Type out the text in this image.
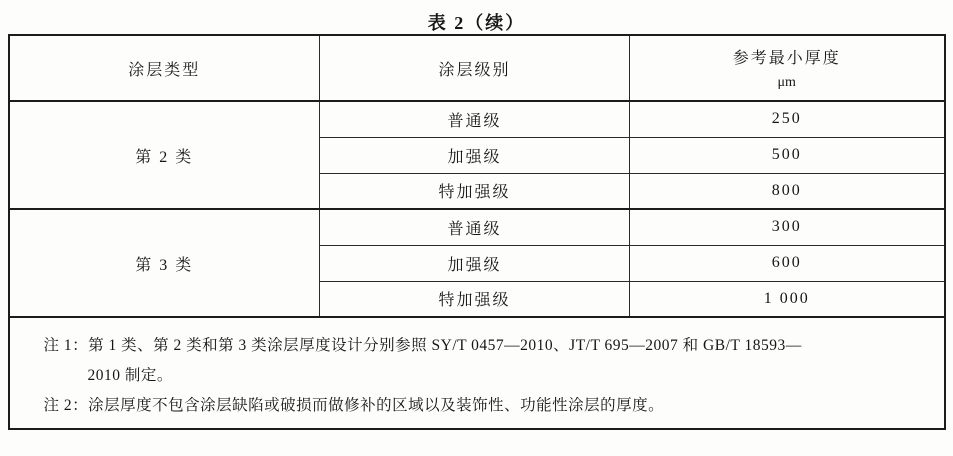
表 2（续）
涂层类型	涂层级别	参考最小厚度
μm

第 2 类	普通级	250
	加强级	500
	特加强级	800
第 3 类	普通级	300
	加强级	600
	特加强级	1 000

注 1：第 1 类、第 2 类和第 3 类涂层厚度设计分别参照 SY/T 0457—2010、JT/T 695—2007 和 GB/T 18593—
2010 制定。
注 2：涂层厚度不包含涂层缺陷或破损而做修补的区域以及装饰性、功能性涂层的厚度。		
